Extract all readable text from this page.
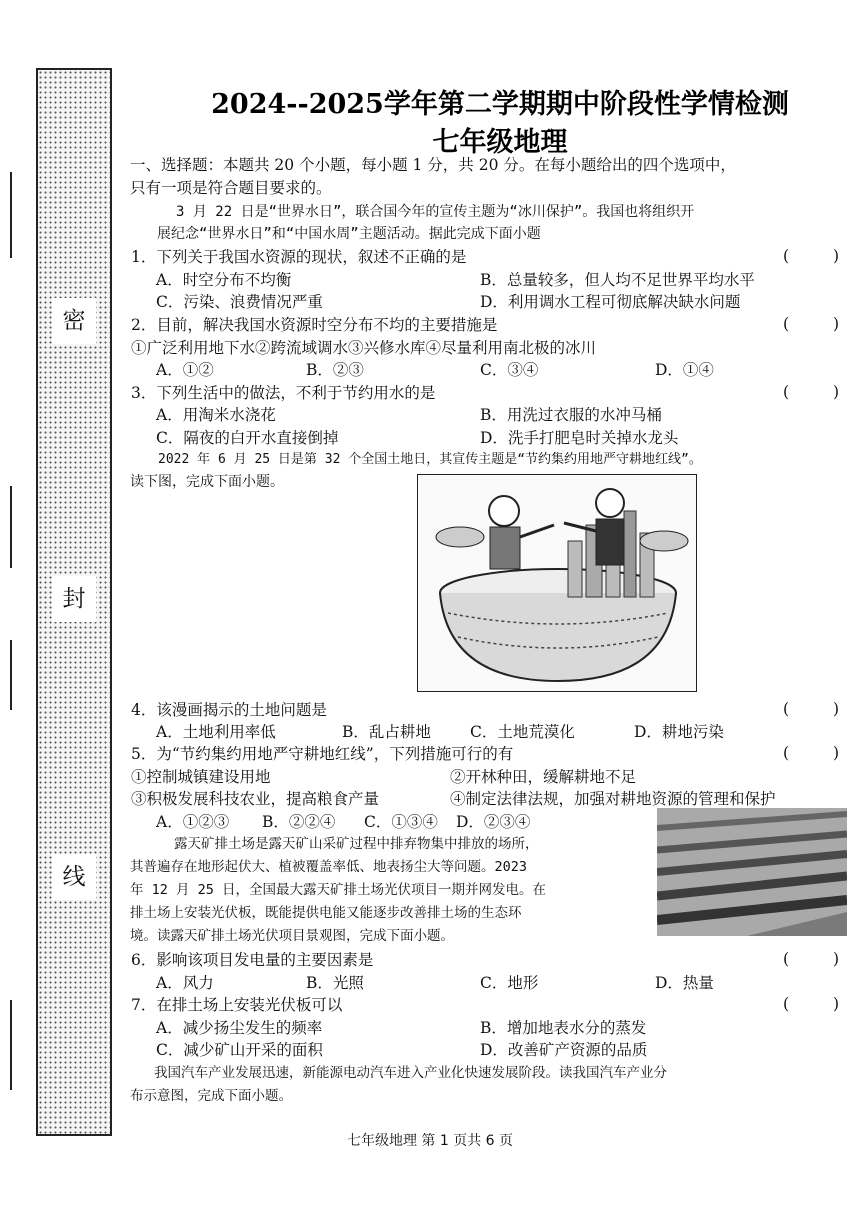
密
封
线
2024--2025学年第二学期期中阶段性学情检测
七年级地理
一、选择题：本题共 20 个小题，每小题 1 分，共 20 分。在每小题给出的四个选项中，
只有一项是符合题目要求的。
3 月 22 日是“世界水日”，联合国今年的宣传主题为“冰川保护”。我国也将组织开
展纪念“世界水日”和“中国水周”主题活动。据此完成下面小题
1．下列关于我国水资源的现状，叙述不正确的是	(	)
A．时空分布不均衡	B．总量较多，但人均不足世界平均水平
C．污染、浪费情况严重	D．利用调水工程可彻底解决缺水问题
2．目前，解决我国水资源时空分布不均的主要措施是	(	)
①广泛利用地下水②跨流域调水③兴修水库④尽量利用南北极的冰川
A．①②	B．②③	C．③④	D．①④
3．下列生活中的做法，不利于节约用水的是	(	)
A．用淘米水浇花	B．用洗过衣服的水冲马桶
C．隔夜的白开水直接倒掉	D．洗手打肥皂时关掉水龙头
2022 年 6 月 25 日是第 32 个全国土地日，其宣传主题是“节约集约用地严守耕地红线”。
读下图，完成下面小题。
4．该漫画揭示的土地问题是	(	)
A．土地利用率低	B．乱占耕地	C．土地荒漠化	D．耕地污染
5．为“节约集约用地严守耕地红线”，下列措施可行的有	(	)
①控制城镇建设用地	②开林种田，缓解耕地不足
③积极发展科技农业，提高粮食产量	④制定法律法规，加强对耕地资源的管理和保护
A．①②③ B．②②④ C．①③④ D．②③④
露天矿排土场是露天矿山采矿过程中排弃物集中排放的场所，
其普遍存在地形起伏大、植被覆盖率低、地表扬尘大等问题。2023
年 12 月 25 日，全国最大露天矿排土场光伏项目一期并网发电。在
排土场上安装光伏板，既能提供电能又能逐步改善排土场的生态环
境。读露天矿排土场光伏项目景观图，完成下面小题。
6．影响该项目发电量的主要因素是	(	)
A．风力	B．光照	C．地形	D．热量
7．在排土场上安装光伏板可以	(	)
A．减少扬尘发生的频率	B．增加地表水分的蒸发
C．减少矿山开采的面积	D．改善矿产资源的品质
我国汽车产业发展迅速，新能源电动汽车进入产业化快速发展阶段。读我国汽车产业分
布示意图，完成下面小题。
七年级地理 第 1 页共 6 页
